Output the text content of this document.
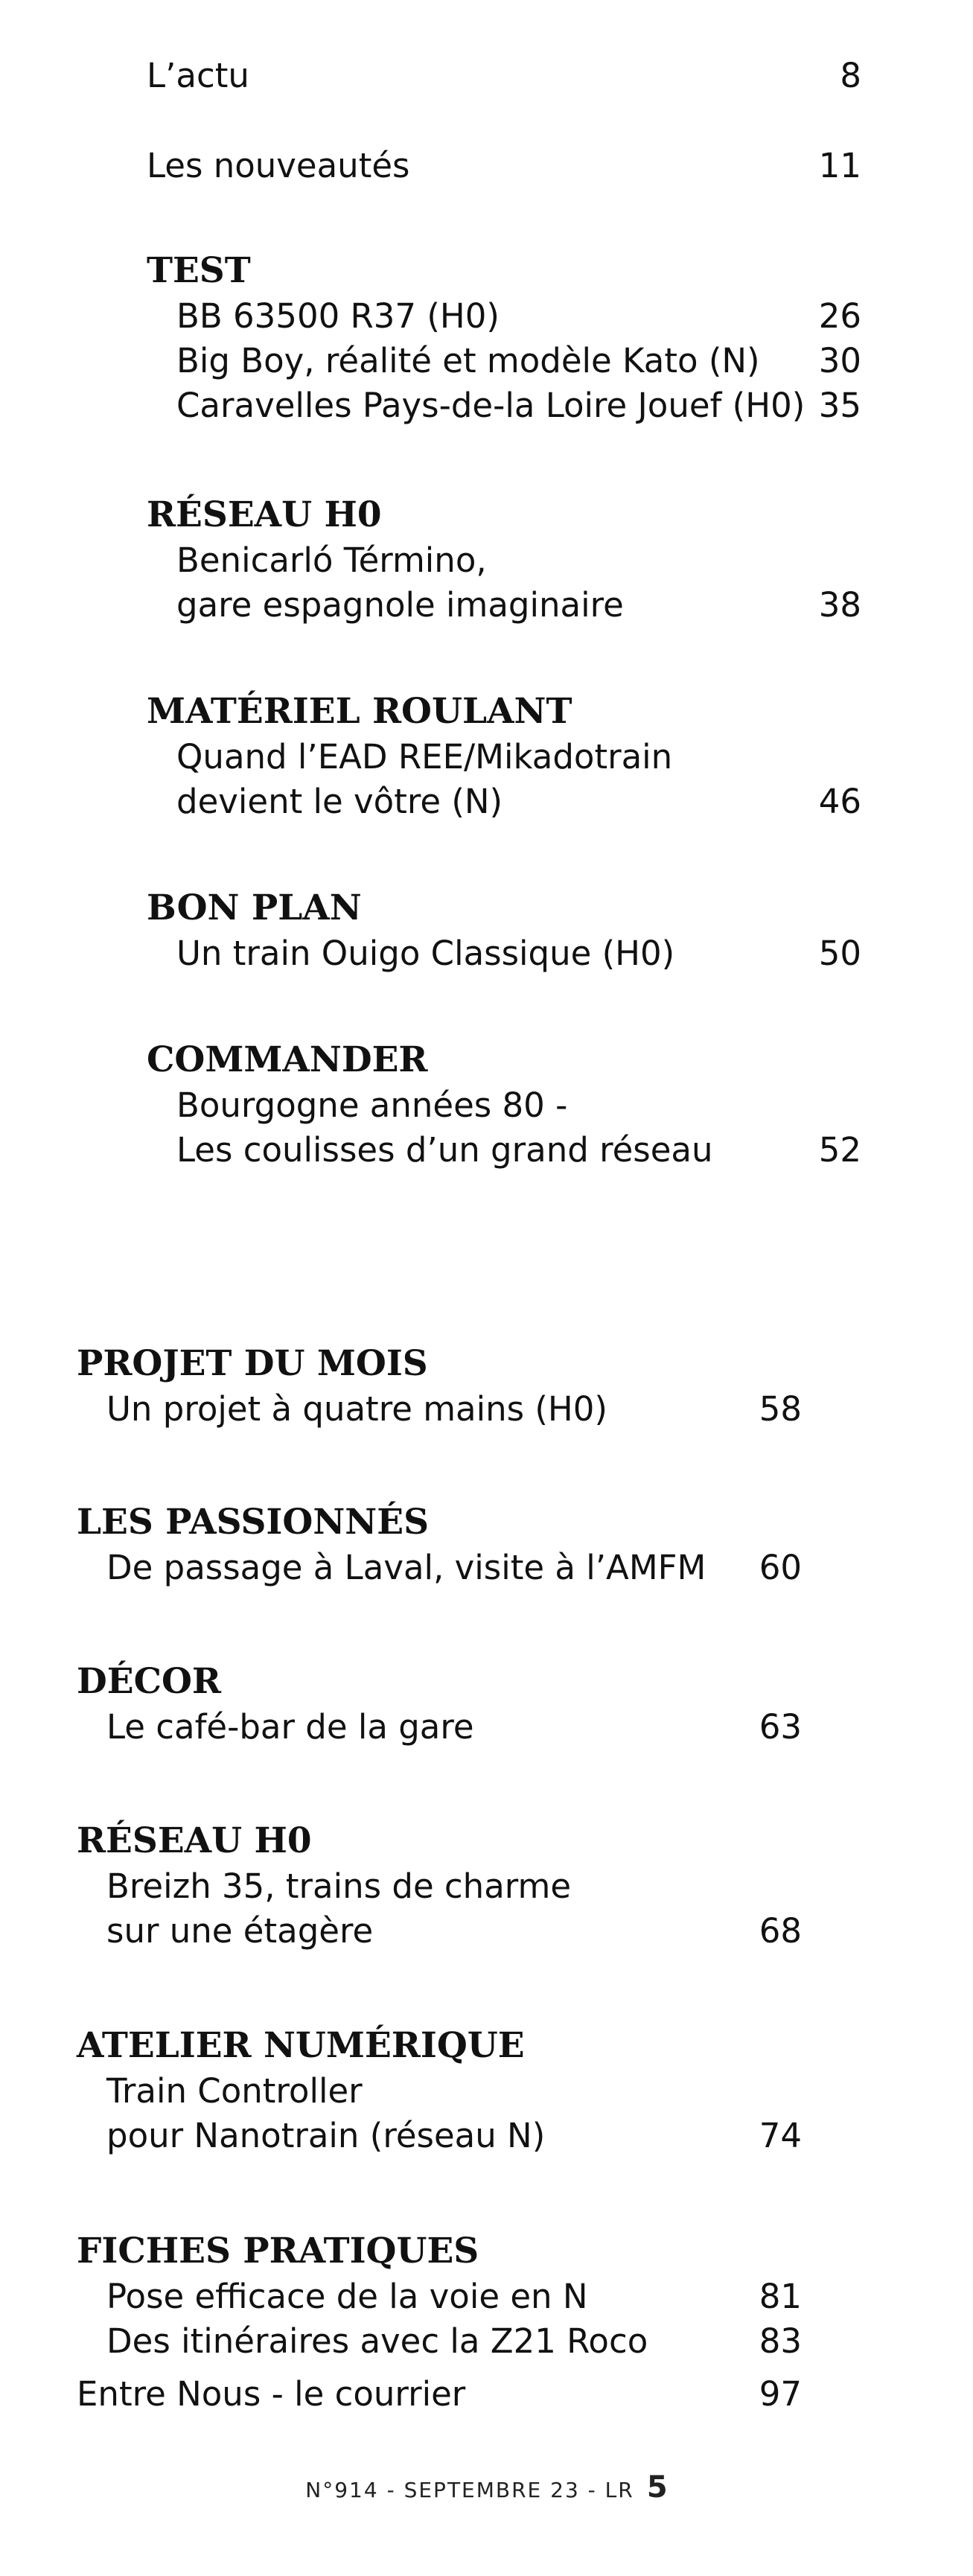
L’actu	8
Les nouveautés	11
TEST
BB 63500 R37 (H0)	26
Big Boy, réalité et modèle Kato (N)	30
Caravelles Pays-de-la Loire Jouef (H0) 35
RÉSEAU H0
Benicarló Término,
gare espagnole imaginaire	38
MATÉRIEL ROULANT
Quand l’EAD REE/Mikadotrain
devient le vôtre (N)	46
BON PLAN
Un train Ouigo Classique (H0)	50
COMMANDER
Bourgogne années 80 -
Les coulisses d’un grand réseau	52
PROJET DU MOIS
Un projet à quatre mains (H0)	58
LES PASSIONNÉS
De passage à Laval, visite à l’AMFM	60
DÉCOR
Le café-bar de la gare	63
RÉSEAU H0
Breizh 35, trains de charme
sur une étagère	68
ATELIER NUMÉRIQUE
Train Controller
pour Nanotrain (réseau N)	74
FICHES PRATIQUES
Pose efficace de la voie en N	81
Des itinéraires avec la Z21 Roco	83
Entre Nous - le courrier	97
N°914 - SEPTEMBRE 23 - LR 5
